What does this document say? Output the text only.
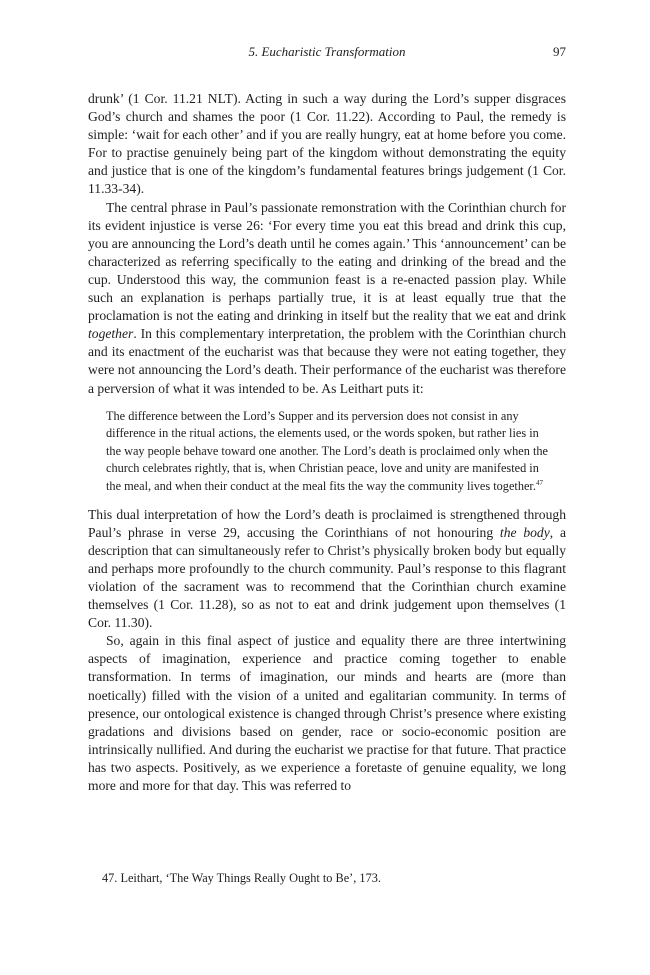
5. Eucharistic Transformation	97

drunk’ (1 Cor. 11.21 NLT). Acting in such a way during the Lord’s supper disgraces God’s church and shames the poor (1 Cor. 11.22). According to Paul, the remedy is simple: ‘wait for each other’ and if you are really hungry, eat at home before you come. For to practise genuinely being part of the kingdom without demonstrating the equity and justice that is one of the kingdom’s fundamental features brings judgement (1 Cor. 11.33-34).

The central phrase in Paul’s passionate remonstration with the Corinthian church for its evident injustice is verse 26: ‘For every time you eat this bread and drink this cup, you are announcing the Lord’s death until he comes again.’ This ‘announcement’ can be characterized as referring specifically to the eating and drinking of the bread and the cup. Understood this way, the communion feast is a re-enacted passion play. While such an explanation is perhaps partially true, it is at least equally true that the proclamation is not the eating and drinking in itself but the reality that we eat and drink together. In this complementary interpretation, the problem with the Corinthian church and its enactment of the eucharist was that because they were not eating together, they were not announcing the Lord’s death. Their performance of the eucharist was therefore a perversion of what it was intended to be. As Leithart puts it:

The difference between the Lord’s Supper and its perversion does not consist in any difference in the ritual actions, the elements used, or the words spoken, but rather lies in the way people behave toward one another. The Lord’s death is proclaimed only when the church celebrates rightly, that is, when Christian peace, love and unity are manifested in the meal, and when their conduct at the meal fits the way the community lives together.$^{47}$

This dual interpretation of how the Lord’s death is proclaimed is strengthened through Paul’s phrase in verse 29, accusing the Corinthians of not honouring the body, a description that can simultaneously refer to Christ’s physically broken body but equally and perhaps more profoundly to the church community. Paul’s response to this flagrant violation of the sacrament was to recommend that the Corinthian church examine themselves (1 Cor. 11.28), so as not to eat and drink judgement upon themselves (1 Cor. 11.30).

So, again in this final aspect of justice and equality there are three intertwining aspects of imagination, experience and practice coming together to enable transformation. In terms of imagination, our minds and hearts are (more than noetically) filled with the vision of a united and egalitarian community. In terms of presence, our ontological existence is changed through Christ’s presence where existing gradations and divisions based on gender, race or socio-economic position are intrinsically nullified. And during the eucharist we practise for that future. That practice has two aspects. Positively, as we experience a foretaste of genuine equality, we long more and more for that day. This was referred to

47. Leithart, ‘The Way Things Really Ought to Be’, 173.
